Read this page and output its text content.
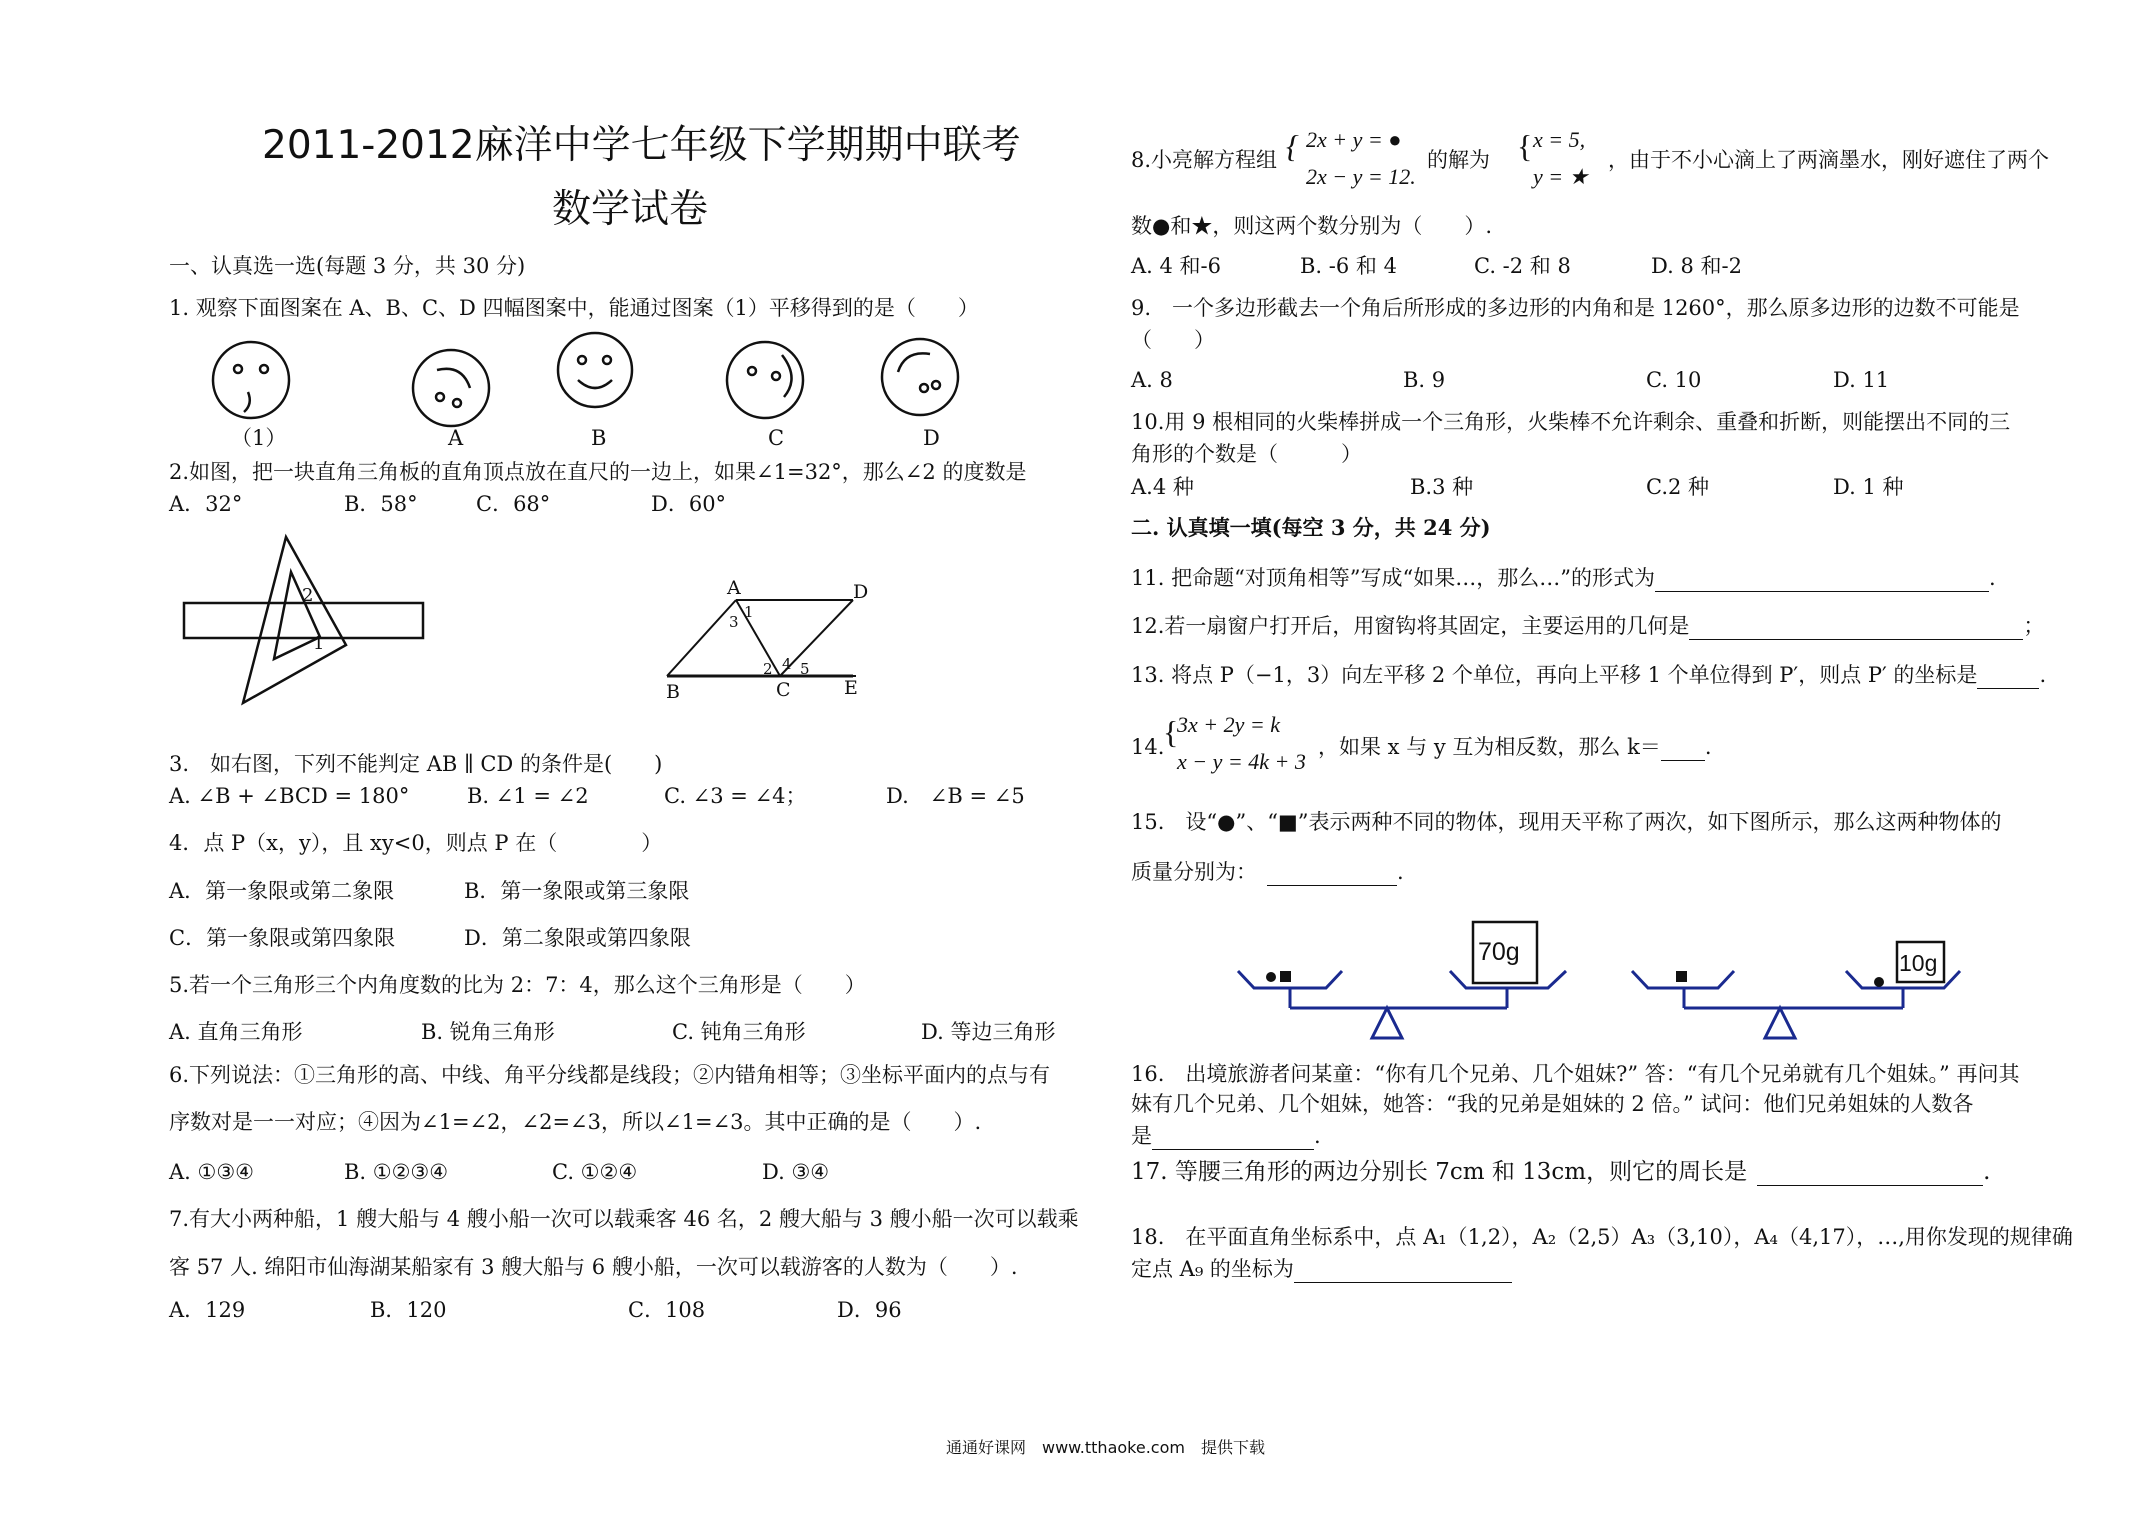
2011-2012麻洋中学七年级下学期期中联考
数学试卷
一、认真选一选(每题 3 分，共 30 分)
1. 观察下面图案在 A、B、C、D 四幅图案中，能通过图案（1）平移得到的是（　　）
（1）	A	B	C	D
2.如图，把一块直角三角板的直角顶点放在直尺的一边上，如果∠1=32°，那么∠2 的度数是
A．32°	B．58°	C．68°	D．60°
2
1
A	D
B	C	E
1
3
2 4 5
3.　如右图，下列不能判定 AB ∥ CD 的条件是(　　)
A. ∠B + ∠BCD = 180°	B. ∠1 = ∠2	C. ∠3 = ∠4；	D.　∠B = ∠5
4．点 P（x，y），且 xy<0，则点 P 在（　　　　）
A．第一象限或第二象限	B．第一象限或第三象限
C．第一象限或第四象限	D．第二象限或第四象限
5.若一个三角形三个内角度数的比为 2：7：4，那么这个三角形是（　　）
A. 直角三角形	B. 锐角三角形	C. 钝角三角形	D. 等边三角形
6.下列说法：①三角形的高、中线、角平分线都是线段；②内错角相等；③坐标平面内的点与有
序数对是一一对应；④因为∠1=∠2，∠2=∠3，所以∠1=∠3。其中正确的是（　　）.
A. ①③④	B. ①②③④	C. ①②④	D. ③④
7.有大小两种船，1 艘大船与 4 艘小船一次可以载乘客 46 名，2 艘大船与 3 艘小船一次可以载乘
客 57 人. 绵阳市仙海湖某船家有 3 艘大船与 6 艘小船，一次可以载游客的人数为（　　）.
A．129	B．120	C．108	D．96
8.小亮解方程组 { 2x + y = ●
2x − y = 12.
的解为 { x = 5,
y = ★
，由于不小心滴上了两滴墨水，刚好遮住了两个
数●和★，则这两个数分别为（　　）.
A. 4 和-6	B. -6 和 4	C. -2 和 8	D. 8 和-2
9.　一个多边形截去一个角后所形成的多边形的内角和是 1260°，那么原多边形的边数不可能是
（　　）
A. 8	B. 9	C. 10	D. 11
10.用 9 根相同的火柴棒拼成一个三角形，火柴棒不允许剩余、重叠和折断，则能摆出不同的三
角形的个数是（　　　）
A.4 种	B.3 种	C.2 种	D. 1 种
二. 认真填一填(每空 3 分，共 24 分)
11. 把命题“对顶角相等”写成“如果…，那么…”的形式为	.
12.若一扇窗户打开后，用窗钩将其固定，主要运用的几何是	；
13. 将点 P（−1，3）向左平移 2 个单位，再向上平移 1 个单位得到 P′，则点 P′ 的坐标是	.
14.
{
3x + 2y = k
x − y = 4k + 3
，如果 x 与 y 互为相反数，那么 k＝ .
15.　设“●”、“■”表示两种不同的物体，现用天平称了两次，如下图所示，那么这两种物体的
质量分别为：	.
70g	10g
16.　出境旅游者问某童：“你有几个兄弟、几个姐妹?” 答：“有几个兄弟就有几个姐妹。” 再问其
妹有几个兄弟、几个姐妹，她答：“我的兄弟是姐妹的 2 倍。” 试问：他们兄弟姐妹的人数各
是	.
17. 等腰三角形的两边分别长 7cm 和 13cm，则它的周长是	.
18.　在平面直角坐标系中，点 A₁（1,2），A₂（2,5）A₃（3,10），A₄（4,17），…,用你发现的规律确
定点 A₉ 的坐标为
通通好课网　www.tthaoke.com　提供下载
